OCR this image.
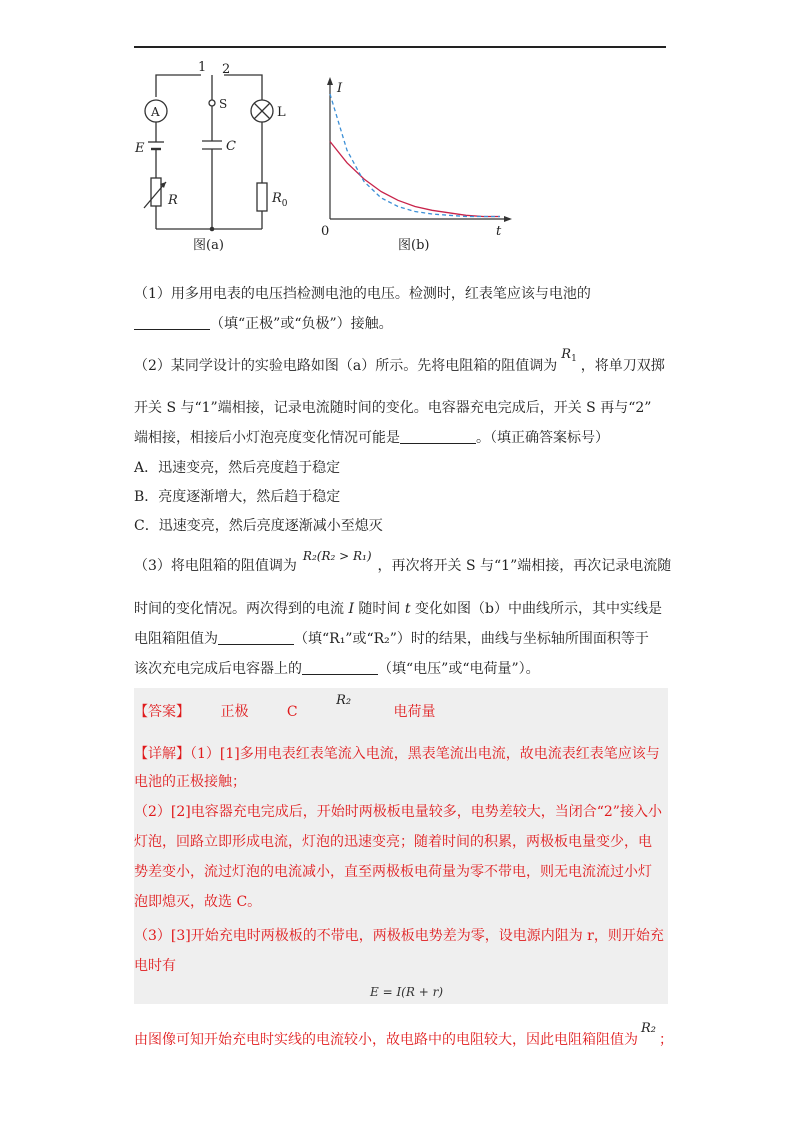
1 2
A
S
L
E	C
R	$R_0$
图(a)
I
t
0
图(b)
（1）用多用电表的电压挡检测电池的电压。检测时，红表笔应该与电池的
（填“正极”或“负极”）接触。
（2）某同学设计的实验电路如图（a）所示。先将电阻箱的阻值调为$R_1$ ，将单刀双掷
开关 S 与“1”端相接，记录电流随时间的变化。电容器充电完成后，开关 S 再与“2”
端相接，相接后小灯泡亮度变化情况可能是	。（填正确答案标号）
A．迅速变亮，然后亮度趋于稳定
B．亮度逐渐增大，然后趋于稳定
C．迅速变亮，然后亮度逐渐减小至熄灭
（3）将电阻箱的阻值调为R₂(R₂ > R₁)，再次将开关 S 与“1”端相接，再次记录电流随
时间的变化情况。两次得到的电流 I 随时间 t 变化如图（b）中曲线所示，其中实线是
电阻箱阻值为	（填“R₁”或“R₂”）时的结果，曲线与坐标轴所围面积等于
该次充电完成后电容器上的	（填“电压”或“电荷量”）。
【答案】 正极	C R₂ 电荷量
【详解】（1）[1]多用电表红表笔流入电流，黑表笔流出电流，故电流表红表笔应该与
电池的正极接触；
（2）[2]电容器充电完成后，开始时两极板电量较多，电势差较大，当闭合“2”接入小
灯泡，回路立即形成电流，灯泡的迅速变亮；随着时间的积累，两极板电量变少，电
势差变小，流过灯泡的电流减小，直至两极板电荷量为零不带电，则无电流流过小灯
泡即熄灭，故选 C。
（3）[3]开始充电时两极板的不带电，两极板电势差为零，设电源内阻为 r，则开始充
电时有
E = I(R + r)
由图像可知开始充电时实线的电流较小，故电路中的电阻较大，因此电阻箱阻值为R₂；
